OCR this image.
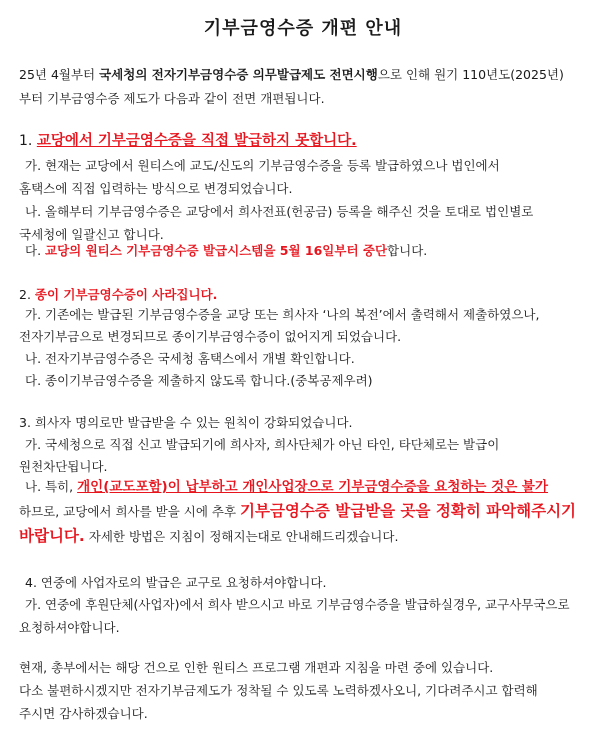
기부금영수증 개편 안내
25년 4월부터 국세청의 전자기부금영수증 의무발급제도 전면시행으로 인해 원기 110년도(2025년)
부터 기부금영수증 제도가 다음과 같이 전면 개편됩니다.
1. 교당에서 기부금영수증을 직접 발급하지 못합니다.
가. 현재는 교당에서 원티스에 교도/신도의 기부금영수증을 등록 발급하였으나 법인에서
홈택스에 직접 입력하는 방식으로 변경되었습니다.
나. 올해부터 기부금영수증은 교당에서 희사전표(헌공금) 등록을 해주신 것을 토대로 법인별로
국세청에 일괄신고 합니다.
다. 교당의 원티스 기부금영수증 발급시스템을 5월 16일부터 중단합니다.
2. 종이 기부금영수증이 사라집니다.
가. 기존에는 발급된 기부금영수증을 교당 또는 희사자 ‘나의 복전’에서 출력해서 제출하였으나,
전자기부금으로 변경되므로 종이기부금영수증이 없어지게 되었습니다.
나. 전자기부금영수증은 국세청 홈택스에서 개별 확인합니다.
다. 종이기부금영수증을 제출하지 않도록 합니다.(중복공제우려)
3. 희사자 명의로만 발급받을 수 있는 원칙이 강화되었습니다.
가. 국세청으로 직접 신고 발급되기에 희사자, 희사단체가 아닌 타인, 타단체로는 발급이
원천차단됩니다.
나. 특히, 개인(교도포함)이 납부하고 개인사업장으로 기부금영수증을 요청하는 것은 불가
하므로, 교당에서 희사를 받을 시에 추후 기부금영수증 발급받을 곳을 정확히 파악해주시기
바랍니다. 자세한 방법은 지침이 정해지는대로 안내해드리겠습니다.
4. 연중에 사업자로의 발급은 교구로 요청하셔야합니다.
가. 연중에 후원단체(사업자)에서 희사 받으시고 바로 기부금영수증을 발급하실경우, 교구사무국으로
요청하셔야합니다.
현재, 총부에서는 해당 건으로 인한 원티스 프로그램 개편과 지침을 마련 중에 있습니다.
다소 불편하시겠지만 전자기부금제도가 정착될 수 있도록 노력하겠사오니, 기다려주시고 합력해
주시면 감사하겠습니다.
